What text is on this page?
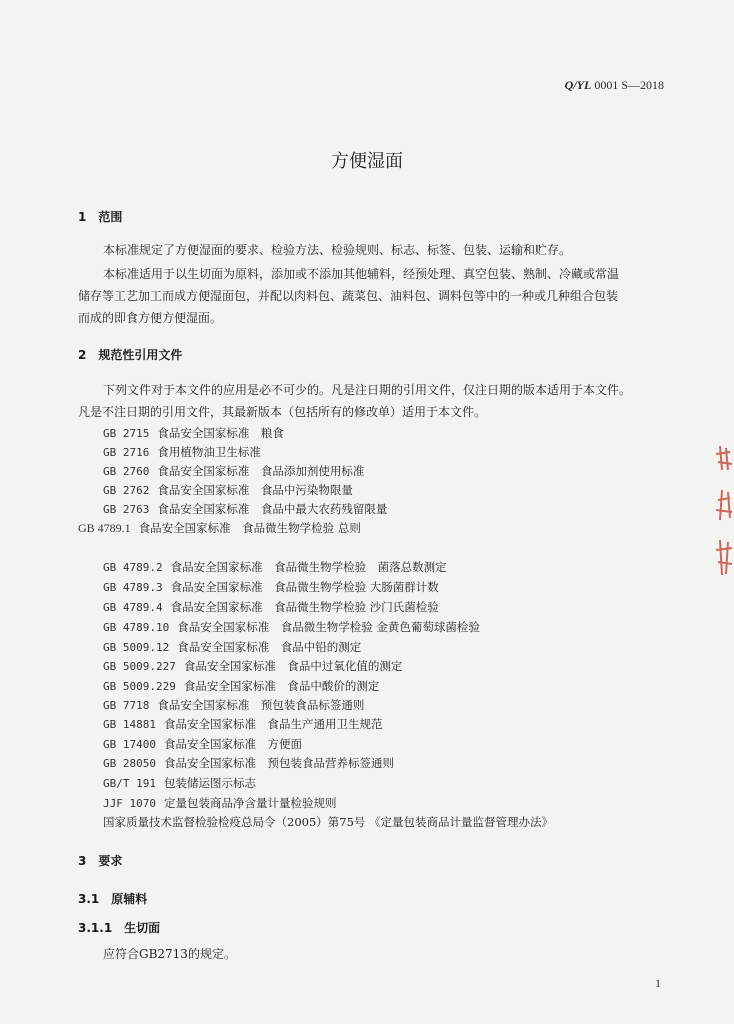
Q/YL 0001 S—2018
方便湿面
1 范围
本标准规定了方便湿面的要求、检验方法、检验规则、标志、标签、包装、运输和贮存。
本标准适用于以生切面为原料，添加或不添加其他辅料，经预处理、真空包装、熟制、冷藏或常温
储存等工艺加工而成方便湿面包，并配以肉料包、蔬菜包、油料包、调料包等中的一种或几种组合包装
而成的即食方便方便湿面。
2 规范性引用文件
下列文件对于本文件的应用是必不可少的。凡是注日期的引用文件，仅注日期的版本适用于本文件。
凡是不注日期的引用文件，其最新版本（包括所有的修改单）适用于本文件。
GB 2715 食品安全国家标准　粮食
GB 2716 食用植物油卫生标准
GB 2760 食品安全国家标准　食品添加剂使用标准
GB 2762 食品安全国家标准　食品中污染物限量
GB 2763 食品安全国家标准　食品中最大农药残留限量
GB 4789.1 食品安全国家标准　食品微生物学检验 总则
GB 4789.2 食品安全国家标准　食品微生物学检验　菌落总数测定
GB 4789.3 食品安全国家标准　食品微生物学检验 大肠菌群计数
GB 4789.4 食品安全国家标准　食品微生物学检验 沙门氏菌检验
GB 4789.10 食品安全国家标准　食品微生物学检验 金黄色葡萄球菌检验
GB 5009.12 食品安全国家标准　食品中铅的测定
GB 5009.227 食品安全国家标准　食品中过氧化值的测定
GB 5009.229 食品安全国家标准　食品中酸价的测定
GB 7718 食品安全国家标准　预包装食品标签通则
GB 14881 食品安全国家标准　食品生产通用卫生规范
GB 17400 食品安全国家标准　方便面
GB 28050 食品安全国家标准　预包装食品营养标签通则
GB/T 191 包装储运图示标志
JJF 1070 定量包装商品净含量计量检验规则
国家质量技术监督检验检疫总局令（2005）第75号 《定量包装商品计量监督管理办法》
3 要求
3.1 原辅料
3.1.1 生切面
应符合GB2713的规定。
1
